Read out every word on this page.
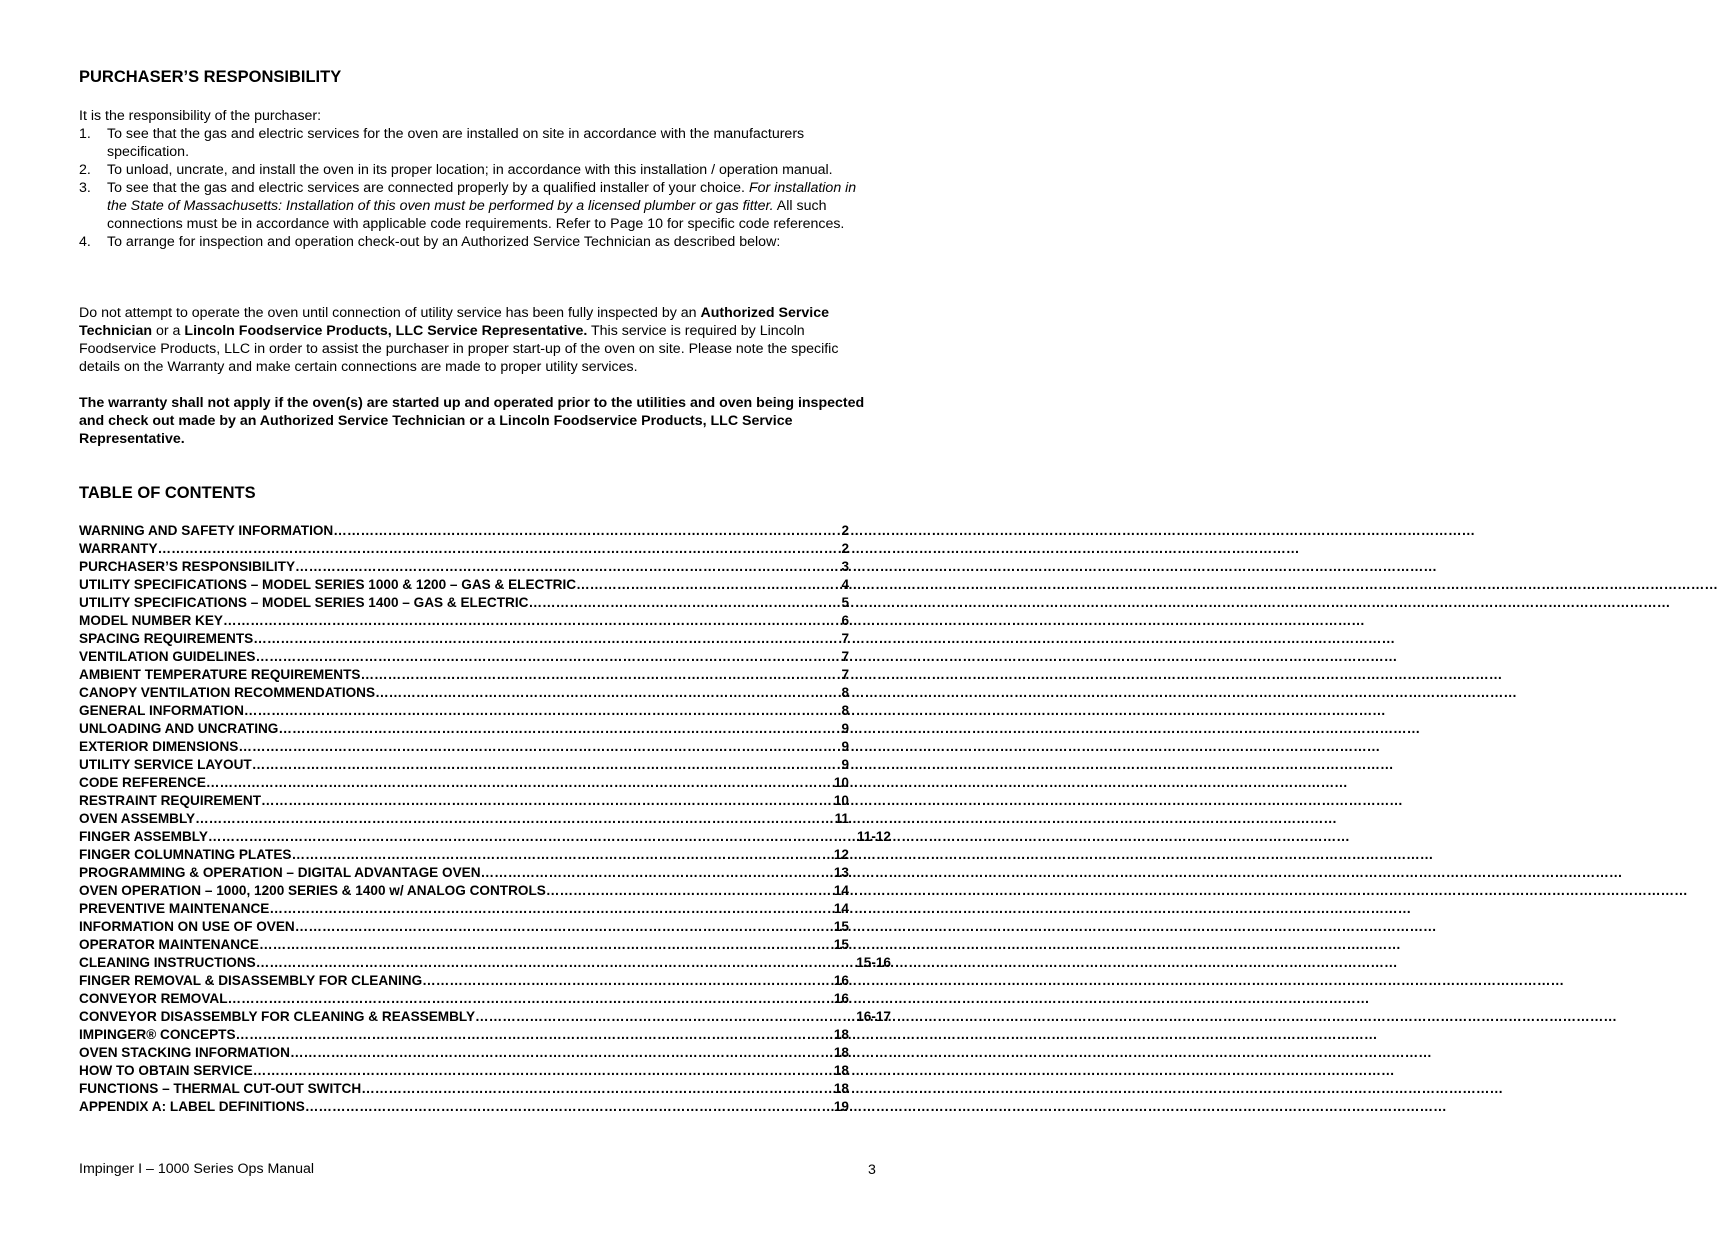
PURCHASER’S RESPONSIBILITY
It is the responsibility of the purchaser:
1. To see that the gas and electric services for the oven are installed on site in accordance with the manufacturers specification.
2. To unload, uncrate, and install the oven in its proper location; in accordance with this installation / operation manual.
3. To see that the gas and electric services are connected properly by a qualified installer of your choice. For installation in the State of Massachusetts: Installation of this oven must be performed by a licensed plumber or gas fitter. All such connections must be in accordance with applicable code requirements. Refer to Page 10 for specific code references.
4. To arrange for inspection and operation check-out by an Authorized Service Technician as described below:
Do not attempt to operate the oven until connection of utility service has been fully inspected by an Authorized Service Technician or a Lincoln Foodservice Products, LLC Service Representative. This service is required by Lincoln Foodservice Products, LLC in order to assist the purchaser in proper start-up of the oven on site. Please note the specific details on the Warranty and make certain connections are made to proper utility services.
The warranty shall not apply if the oven(s) are started up and operated prior to the utilities and oven being inspected and check out made by an Authorized Service Technician or a Lincoln Foodservice Products, LLC Service Representative.
TABLE OF CONTENTS
WARNING AND SAFETY INFORMATION ………………………………………………………………………………………………………………………………………………………………………………………………………………………………	2
WARRANTY ………………………………………………………………………………………………………………………………………………………………………………………………………………………………	2
PURCHASER’S RESPONSIBILITY ………………………………………………………………………………………………………………………………………………………………………………………………………………………………	3
UTILITY SPECIFICATIONS – MODEL SERIES 1000 & 1200 – GAS & ELECTRIC ………………………………………………………………………………………………………………………………………………………………………………………………………………………………	4
UTILITY SPECIFICATIONS – MODEL SERIES 1400 – GAS & ELECTRIC ………………………………………………………………………………………………………………………………………………………………………………………………………………………………	5
MODEL NUMBER KEY ………………………………………………………………………………………………………………………………………………………………………………………………………………………………	6
SPACING REQUIREMENTS ………………………………………………………………………………………………………………………………………………………………………………………………………………………………	7
VENTILATION GUIDELINES ………………………………………………………………………………………………………………………………………………………………………………………………………………………………	7
AMBIENT TEMPERATURE REQUIREMENTS ………………………………………………………………………………………………………………………………………………………………………………………………………………………………	7
CANOPY VENTILATION RECOMMENDATIONS ………………………………………………………………………………………………………………………………………………………………………………………………………………………………	8
GENERAL INFORMATION ………………………………………………………………………………………………………………………………………………………………………………………………………………………………	8
UNLOADING AND UNCRATING ………………………………………………………………………………………………………………………………………………………………………………………………………………………………	9
EXTERIOR DIMENSIONS ………………………………………………………………………………………………………………………………………………………………………………………………………………………………	9
UTILITY SERVICE LAYOUT ………………………………………………………………………………………………………………………………………………………………………………………………………………………………	9
CODE REFERENCE ………………………………………………………………………………………………………………………………………………………………………………………………………………………………	10
RESTRAINT REQUIREMENT ………………………………………………………………………………………………………………………………………………………………………………………………………………………………	10
OVEN ASSEMBLY ………………………………………………………………………………………………………………………………………………………………………………………………………………………………	11
FINGER ASSEMBLY ………………………………………………………………………………………………………………………………………………………………………………………………………………………………	11-12
FINGER COLUMNATING PLATES ………………………………………………………………………………………………………………………………………………………………………………………………………………………………	12
PROGRAMMING & OPERATION – DIGITAL ADVANTAGE OVEN ………………………………………………………………………………………………………………………………………………………………………………………………………………………………	13
OVEN OPERATION – 1000, 1200 SERIES & 1400 w/ ANALOG CONTROLS ………………………………………………………………………………………………………………………………………………………………………………………………………………………………	14
PREVENTIVE MAINTENANCE ………………………………………………………………………………………………………………………………………………………………………………………………………………………………	14
INFORMATION ON USE OF OVEN ………………………………………………………………………………………………………………………………………………………………………………………………………………………………	15
OPERATOR MAINTENANCE ………………………………………………………………………………………………………………………………………………………………………………………………………………………………	15
CLEANING INSTRUCTIONS ………………………………………………………………………………………………………………………………………………………………………………………………………………………………	15-16
FINGER REMOVAL & DISASSEMBLY FOR CLEANING ………………………………………………………………………………………………………………………………………………………………………………………………………………………………	16
CONVEYOR REMOVAL ………………………………………………………………………………………………………………………………………………………………………………………………………………………………	16
CONVEYOR DISASSEMBLY FOR CLEANING & REASSEMBLY ………………………………………………………………………………………………………………………………………………………………………………………………………………………………	16-17
IMPINGER® CONCEPTS ………………………………………………………………………………………………………………………………………………………………………………………………………………………………	18
OVEN STACKING INFORMATION ………………………………………………………………………………………………………………………………………………………………………………………………………………………………	18
HOW TO OBTAIN SERVICE ………………………………………………………………………………………………………………………………………………………………………………………………………………………………	18
FUNCTIONS – THERMAL CUT-OUT SWITCH ………………………………………………………………………………………………………………………………………………………………………………………………………………………………	18
APPENDIX A: LABEL DEFINITIONS ………………………………………………………………………………………………………………………………………………………………………………………………………………………………	19
Impinger I – 1000 Series Ops Manual	3
